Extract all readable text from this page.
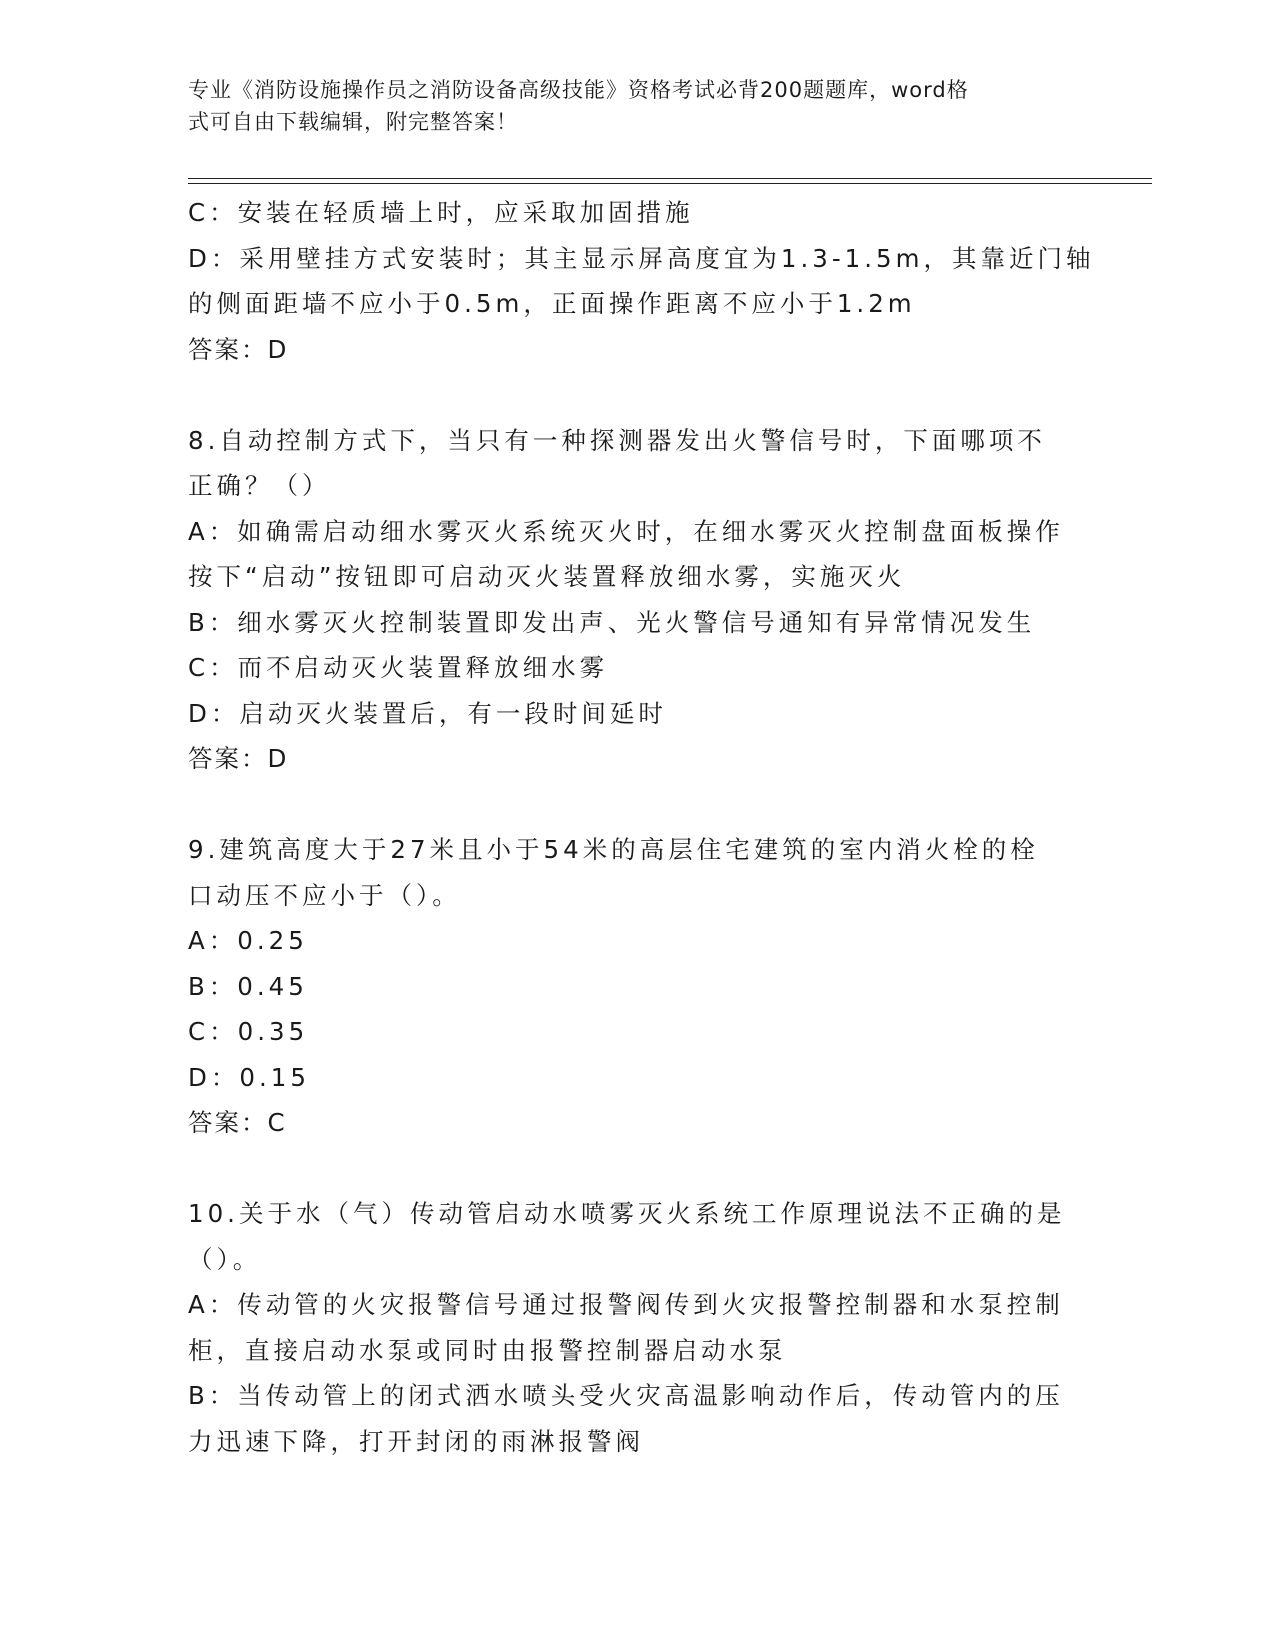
专业《消防设施操作员之消防设备高级技能》资格考试必背200题题库，word格
式可自由下载编辑，附完整答案！
C：安装在轻质墙上时，应采取加固措施
D：采用壁挂方式安装时；其主显示屏高度宜为1.3-1.5m，其靠近门轴
的侧面距墙不应小于0.5m，正面操作距离不应小于1.2m
答案：D
8.自动控制方式下，当只有一种探测器发出火警信号时，下面哪项不
正确？（）
A：如确需启动细水雾灭火系统灭火时，在细水雾灭火控制盘面板操作
按下“启动”按钮即可启动灭火装置释放细水雾，实施灭火
B：细水雾灭火控制装置即发出声、光火警信号通知有异常情况发生
C：而不启动灭火装置释放细水雾
D：启动灭火装置后，有一段时间延时
答案：D
9.建筑高度大于27米且小于54米的高层住宅建筑的室内消火栓的栓
口动压不应小于（）。
A：0.25
B：0.45
C：0.35
D：0.15
答案：C
10.关于水（气）传动管启动水喷雾灭火系统工作原理说法不正确的是
（）。
A：传动管的火灾报警信号通过报警阀传到火灾报警控制器和水泵控制
柜，直接启动水泵或同时由报警控制器启动水泵
B：当传动管上的闭式洒水喷头受火灾高温影响动作后，传动管内的压
力迅速下降，打开封闭的雨淋报警阀
